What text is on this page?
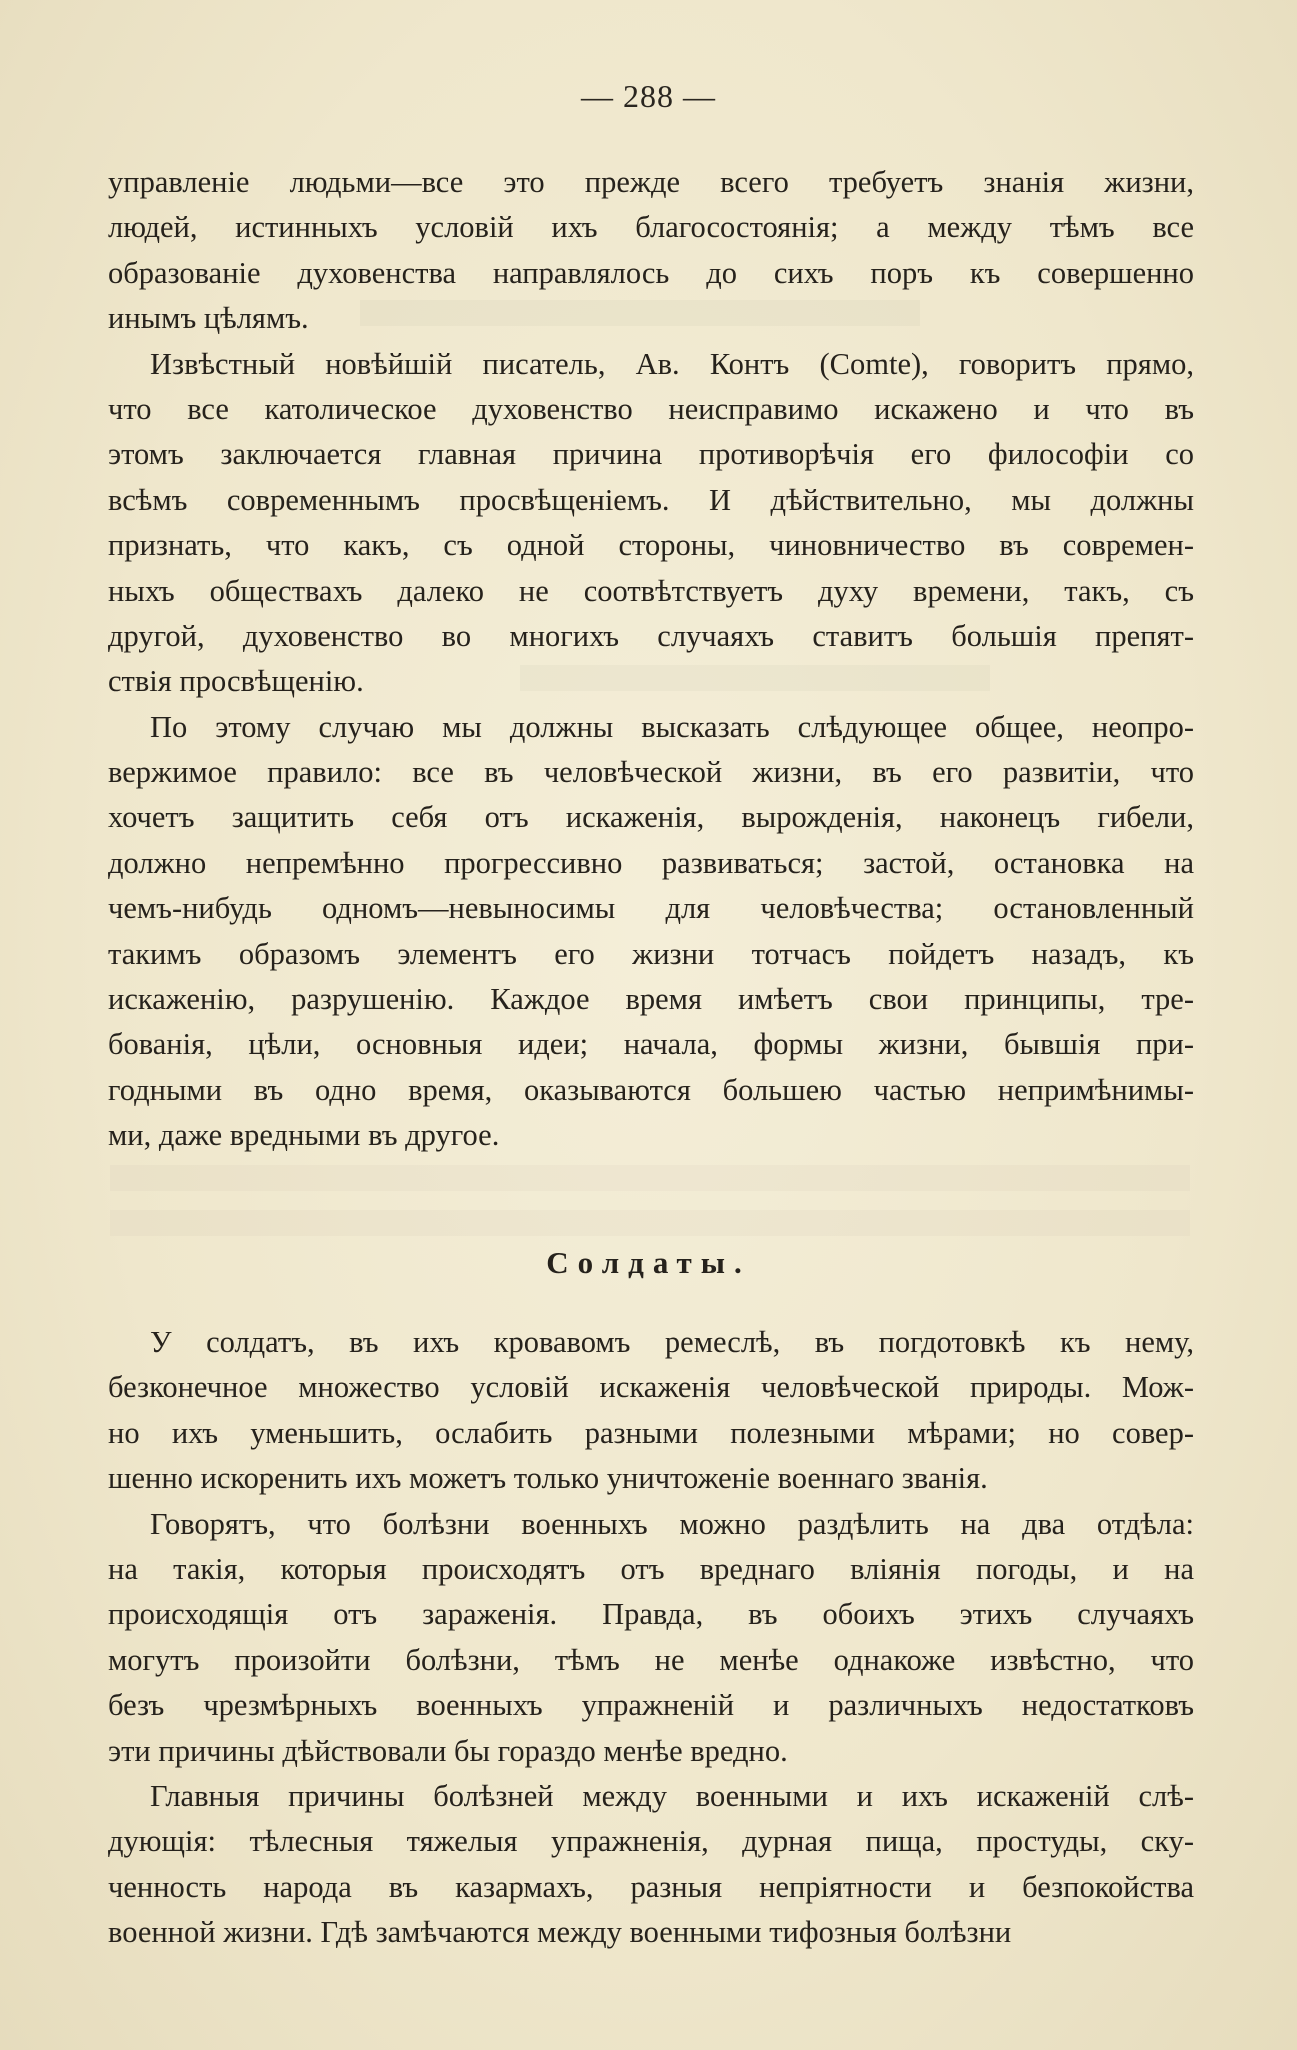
— 288 —
управленіе людьми—все это прежде всего требуетъ знанія жизни,
людей, истинныхъ условій ихъ благосостоянія; а между тѣмъ все
образованіе духовенства направлялось до сихъ поръ къ совершенно
инымъ цѣлямъ.
Извѣстный новѣйшій писатель, Ав. Контъ (Comte), говоритъ прямо,
что все католическое духовенство неисправимо искажено и что въ
этомъ заключается главная причина противорѣчія его философіи со
всѣмъ современнымъ просвѣщеніемъ. И дѣйствительно, мы должны
признать, что какъ, съ одной стороны, чиновничество въ современ-
ныхъ обществахъ далеко не соотвѣтствуетъ духу времени, такъ, съ
другой, духовенство во многихъ случаяхъ ставитъ большія препят-
ствія просвѣщенію.
По этому случаю мы должны высказать слѣдующее общее, неопро-
вержимое правило: все въ человѣческой жизни, въ его развитіи, что
хочетъ защитить себя отъ искаженія, вырожденія, наконецъ гибели,
должно непремѣнно прогрессивно развиваться; застой, остановка на
чемъ-нибудь одномъ—невыносимы для человѣчества; остановленный
такимъ образомъ элементъ его жизни тотчасъ пойдетъ назадъ, къ
искаженію, разрушенію. Каждое время имѣетъ свои принципы, тре-
бованія, цѣли, основныя идеи; начала, формы жизни, бывшія при-
годными въ одно время, оказываются большею частью непримѣнимы-
ми, даже вредными въ другое.
Солдаты.
У солдатъ, въ ихъ кровавомъ ремеслѣ, въ погдотовкѣ къ нему,
безконечное множество условій искаженія человѣческой природы. Мож-
но ихъ уменьшить, ослабить разными полезными мѣрами; но совер-
шенно искоренить ихъ можетъ только уничтоженіе военнаго званія.
Говорятъ, что болѣзни военныхъ можно раздѣлить на два отдѣла:
на такія, которыя происходятъ отъ вреднаго вліянія погоды, и на
происходящія отъ зараженія. Правда, въ обоихъ этихъ случаяхъ
могутъ произойти болѣзни, тѣмъ не менѣе однакоже извѣстно, что
безъ чрезмѣрныхъ военныхъ упражненій и различныхъ недостатковъ
эти причины дѣйствовали бы гораздо менѣе вредно.
Главныя причины болѣзней между военными и ихъ искаженій слѣ-
дующія: тѣлесныя тяжелыя упражненія, дурная пища, простуды, ску-
ченность народа въ казармахъ, разныя непріятности и безпокойства
военной жизни. Гдѣ замѣчаются между военными тифозныя болѣзни
